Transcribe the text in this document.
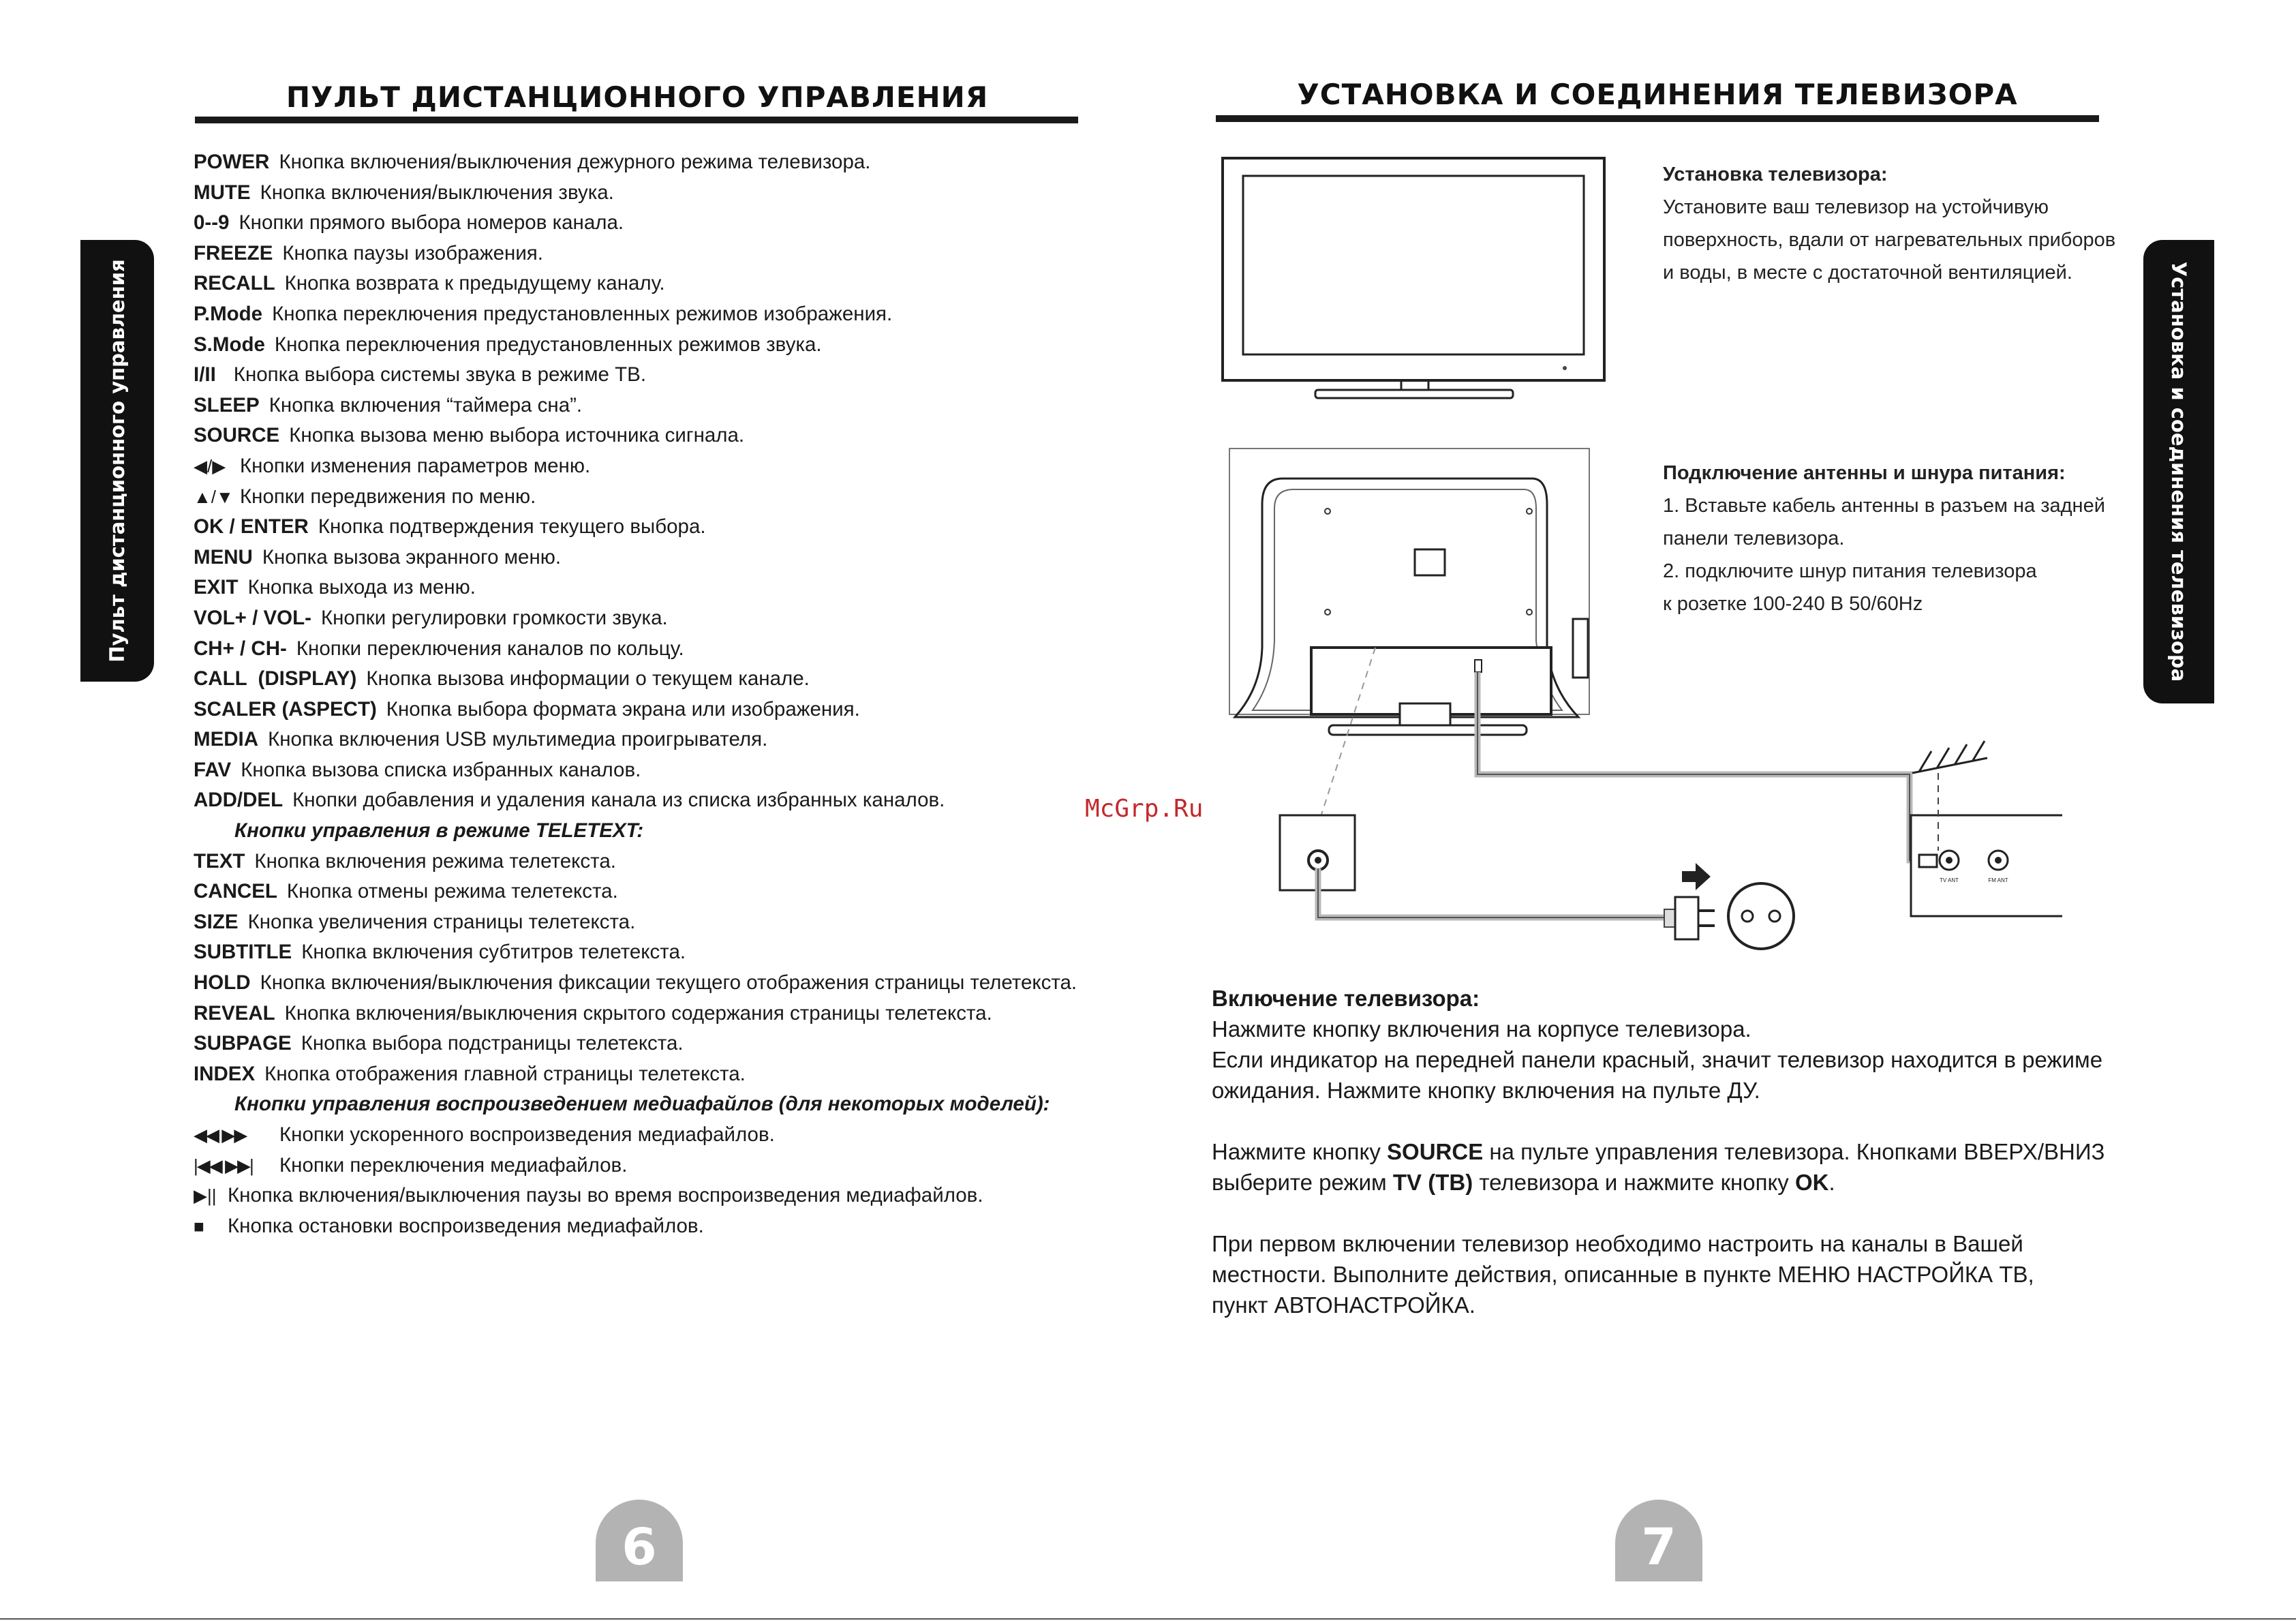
ПУЛЬТ ДИСТАНЦИОННОГО УПРАВЛЕНИЯ
Пульт дистанционного управления
POWER Кнопка включения/выключения дежурного режима телевизора.
MUTE Кнопка включения/выключения звука.
0--9 Кнопки прямого выбора номеров канала.
FREEZE Кнопка паузы изображения.
RECALL Кнопка возврата к предыдущему каналу.
P.Mode Кнопка переключения предустановленных режимов изображения.
S.Mode Кнопка переключения предустановленных режимов звука.
I/II Кнопка выбора системы звука в режиме ТВ.
SLEEP Кнопка включения “таймера сна”.
SOURCE Кнопка вызова меню выбора источника сигнала.
◀/▶ Кнопки изменения параметров меню.
▲/▼ Кнопки передвижения по меню.
OK / ENTER Кнопка подтверждения текущего выбора.
MENU Кнопка вызова экранного меню.
EXIT Кнопка выхода из меню.
VOL+ / VOL- Кнопки регулировки громкости звука.
CH+ / CH- Кнопки переключения каналов по кольцу.
CALL  (DISPLAY) Кнопка вызова информации о текущем канале.
SCALER (ASPECT) Кнопка выбора формата экрана или изображения.
MEDIA Кнопка включения USB мультимедиа проигрывателя.
FAV Кнопка вызова списка избранных каналов.
ADD/DEL Кнопки добавления и удаления канала из списка избранных каналов.
Кнопки управления в режиме TELETEXT:
TEXT Кнопка включения режима телетекста.
CANCEL Кнопка отмены режима телетекста.
SIZE Кнопка увеличения страницы телетекста.
SUBTITLE Кнопка включения субтитров телетекста.
HOLD Кнопка включения/выключения фиксации текущего отображения страницы телетекста.
REVEAL Кнопка включения/выключения скрытого содержания страницы телетекста.
SUBPAGE Кнопка выбора подстраницы телетекста.
INDEX Кнопка отображения главной страницы телетекста.
Кнопки управления воспроизведением медиафайлов (для некоторых моделей):
◀◀ ▶▶ Кнопки ускоренного воспроизведения медиафайлов.
|◀◀ ▶▶| Кнопки переключения медиафайлов.
▶|| Кнопка включения/выключения паузы во время воспроизведения медиафайлов.
■ Кнопка остановки воспроизведения медиафайлов.
6
УСТАНОВКА И СОЕДИНЕНИЯ ТЕЛЕВИЗОРА
Установка и соединения телевизора
TV ANT	FM ANT
Установка телевизора:
Установите ваш телевизор на устойчивую
поверхность, вдали от нагревательных приборов
и воды, в месте с достаточной вентиляцией.
Подключение антенны и шнура питания:
1. Вставьте кабель антенны в разъем на задней
панели телевизора.
2. подключите шнур питания телевизора
к розетке 100-240 В 50/60Hz
McGrp.Ru
Включение телевизора:
Нажмите кнопку включения на корпусе телевизора.
Если индикатор на передней панели красный, значит телевизор находится в режиме
ожидания. Нажмите кнопку включения на пульте ДУ.
Нажмите кнопку SOURCE на пульте управления телевизора. Кнопками ВВЕРХ/ВНИЗ
выберите режим TV (ТВ) телевизора и нажмите кнопку OK.
При первом включении телевизор необходимо настроить на каналы в Вашей
местности. Выполните действия, описанные в пункте МЕНЮ НАСТРОЙКА ТВ,
пункт АВТОНАСТРОЙКА.
7
